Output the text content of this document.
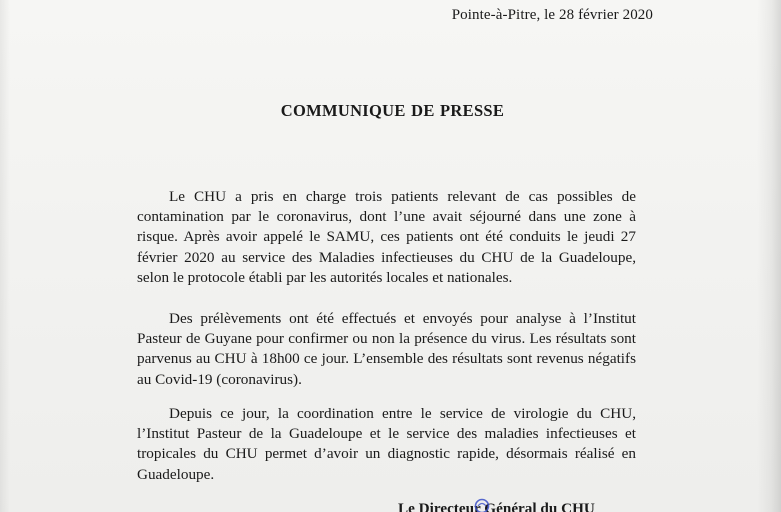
Pointe-à-Pitre, le 28 février 2020
COMMUNIQUE DE PRESSE

Le CHU a pris en charge trois patients relevant de cas possibles de contamination par le coronavirus, dont l’une avait séjourné dans une zone à risque. Après avoir appelé le SAMU, ces patients ont été conduits le jeudi 27 février 2020 au service des Maladies infectieuses du CHU de la Guadeloupe, selon le protocole établi par les autorités locales et nationales.

Des prélèvements ont été effectués et envoyés pour analyse à l’Institut Pasteur de Guyane pour confirmer ou non la présence du virus. Les résultats sont parvenus au CHU à 18h00 ce jour. L’ensemble des résultats sont revenus négatifs au Covid-19 (coronavirus).

Depuis ce jour, la coordination entre le service de virologie du CHU, l’Institut Pasteur de la Guadeloupe et le service des maladies infectieuses et tropicales du CHU permet d’avoir un diagnostic rapide, désormais réalisé en Guadeloupe.

Le Directeur Général du CHU
